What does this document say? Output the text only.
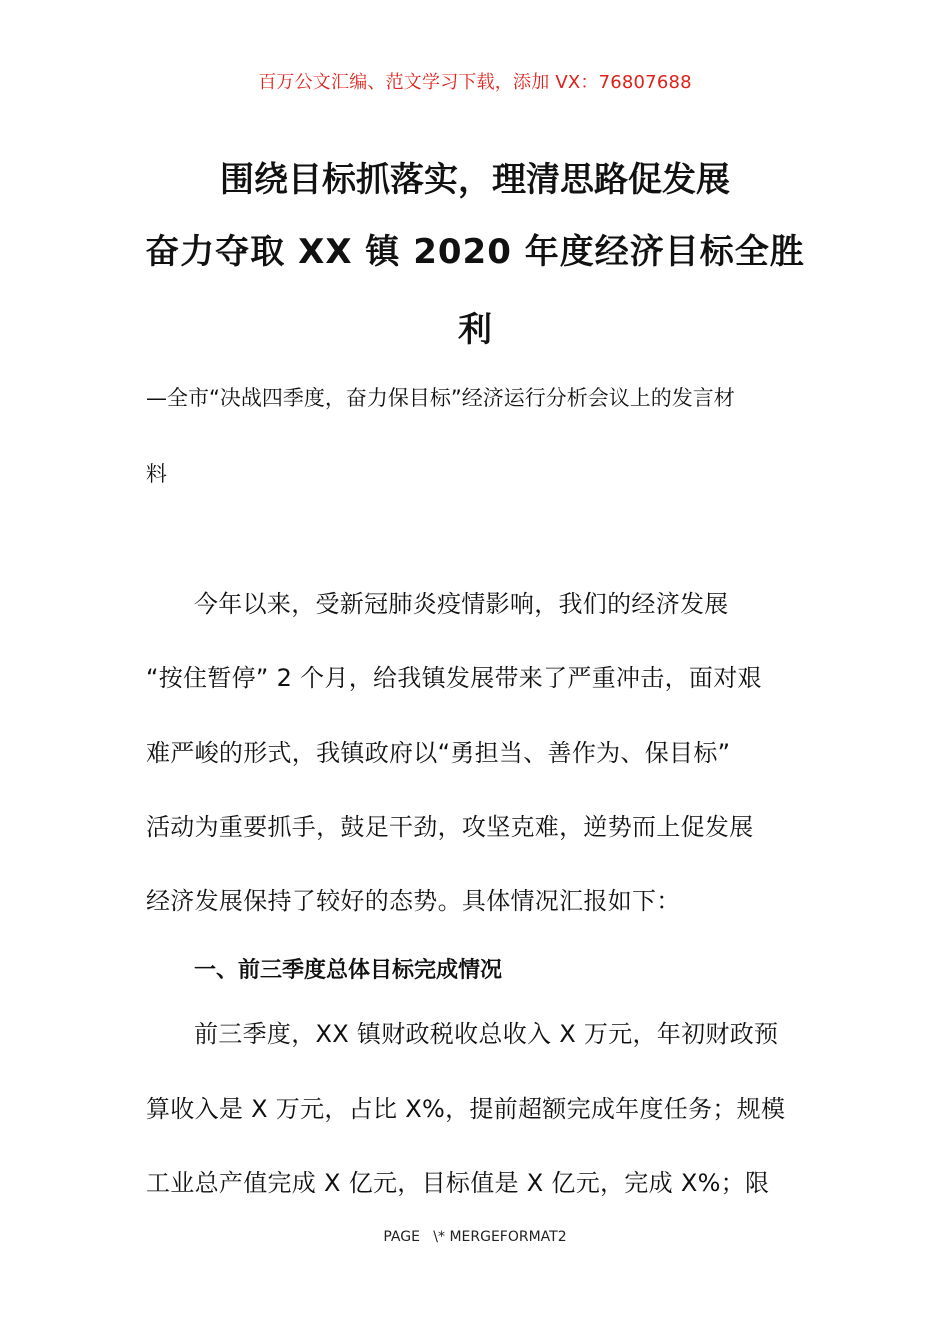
百万公文汇编、范文学习下载，添加 VX：76807688
围绕目标抓落实，理清思路促发展
奋力夺取 XX 镇 2020 年度经济目标全胜
利
—全市“决战四季度，奋力保目标”经济运行分析会议上的发言材
料
今年以来，受新冠肺炎疫情影响，我们的经济发展
“按住暂停” 2 个月，给我镇发展带来了严重冲击，面对艰
难严峻的形式，我镇政府以“勇担当、善作为、保目标”
活动为重要抓手，鼓足干劲，攻坚克难，逆势而上促发展
经济发展保持了较好的态势。具体情况汇报如下：
一、前三季度总体目标完成情况
前三季度，XX 镇财政税收总收入 X 万元，年初财政预
算收入是 X 万元，占比 X%，提前超额完成年度任务；规模
工业总产值完成 X 亿元，目标值是 X 亿元，完成 X%；限
PAGE   \* MERGEFORMAT2
